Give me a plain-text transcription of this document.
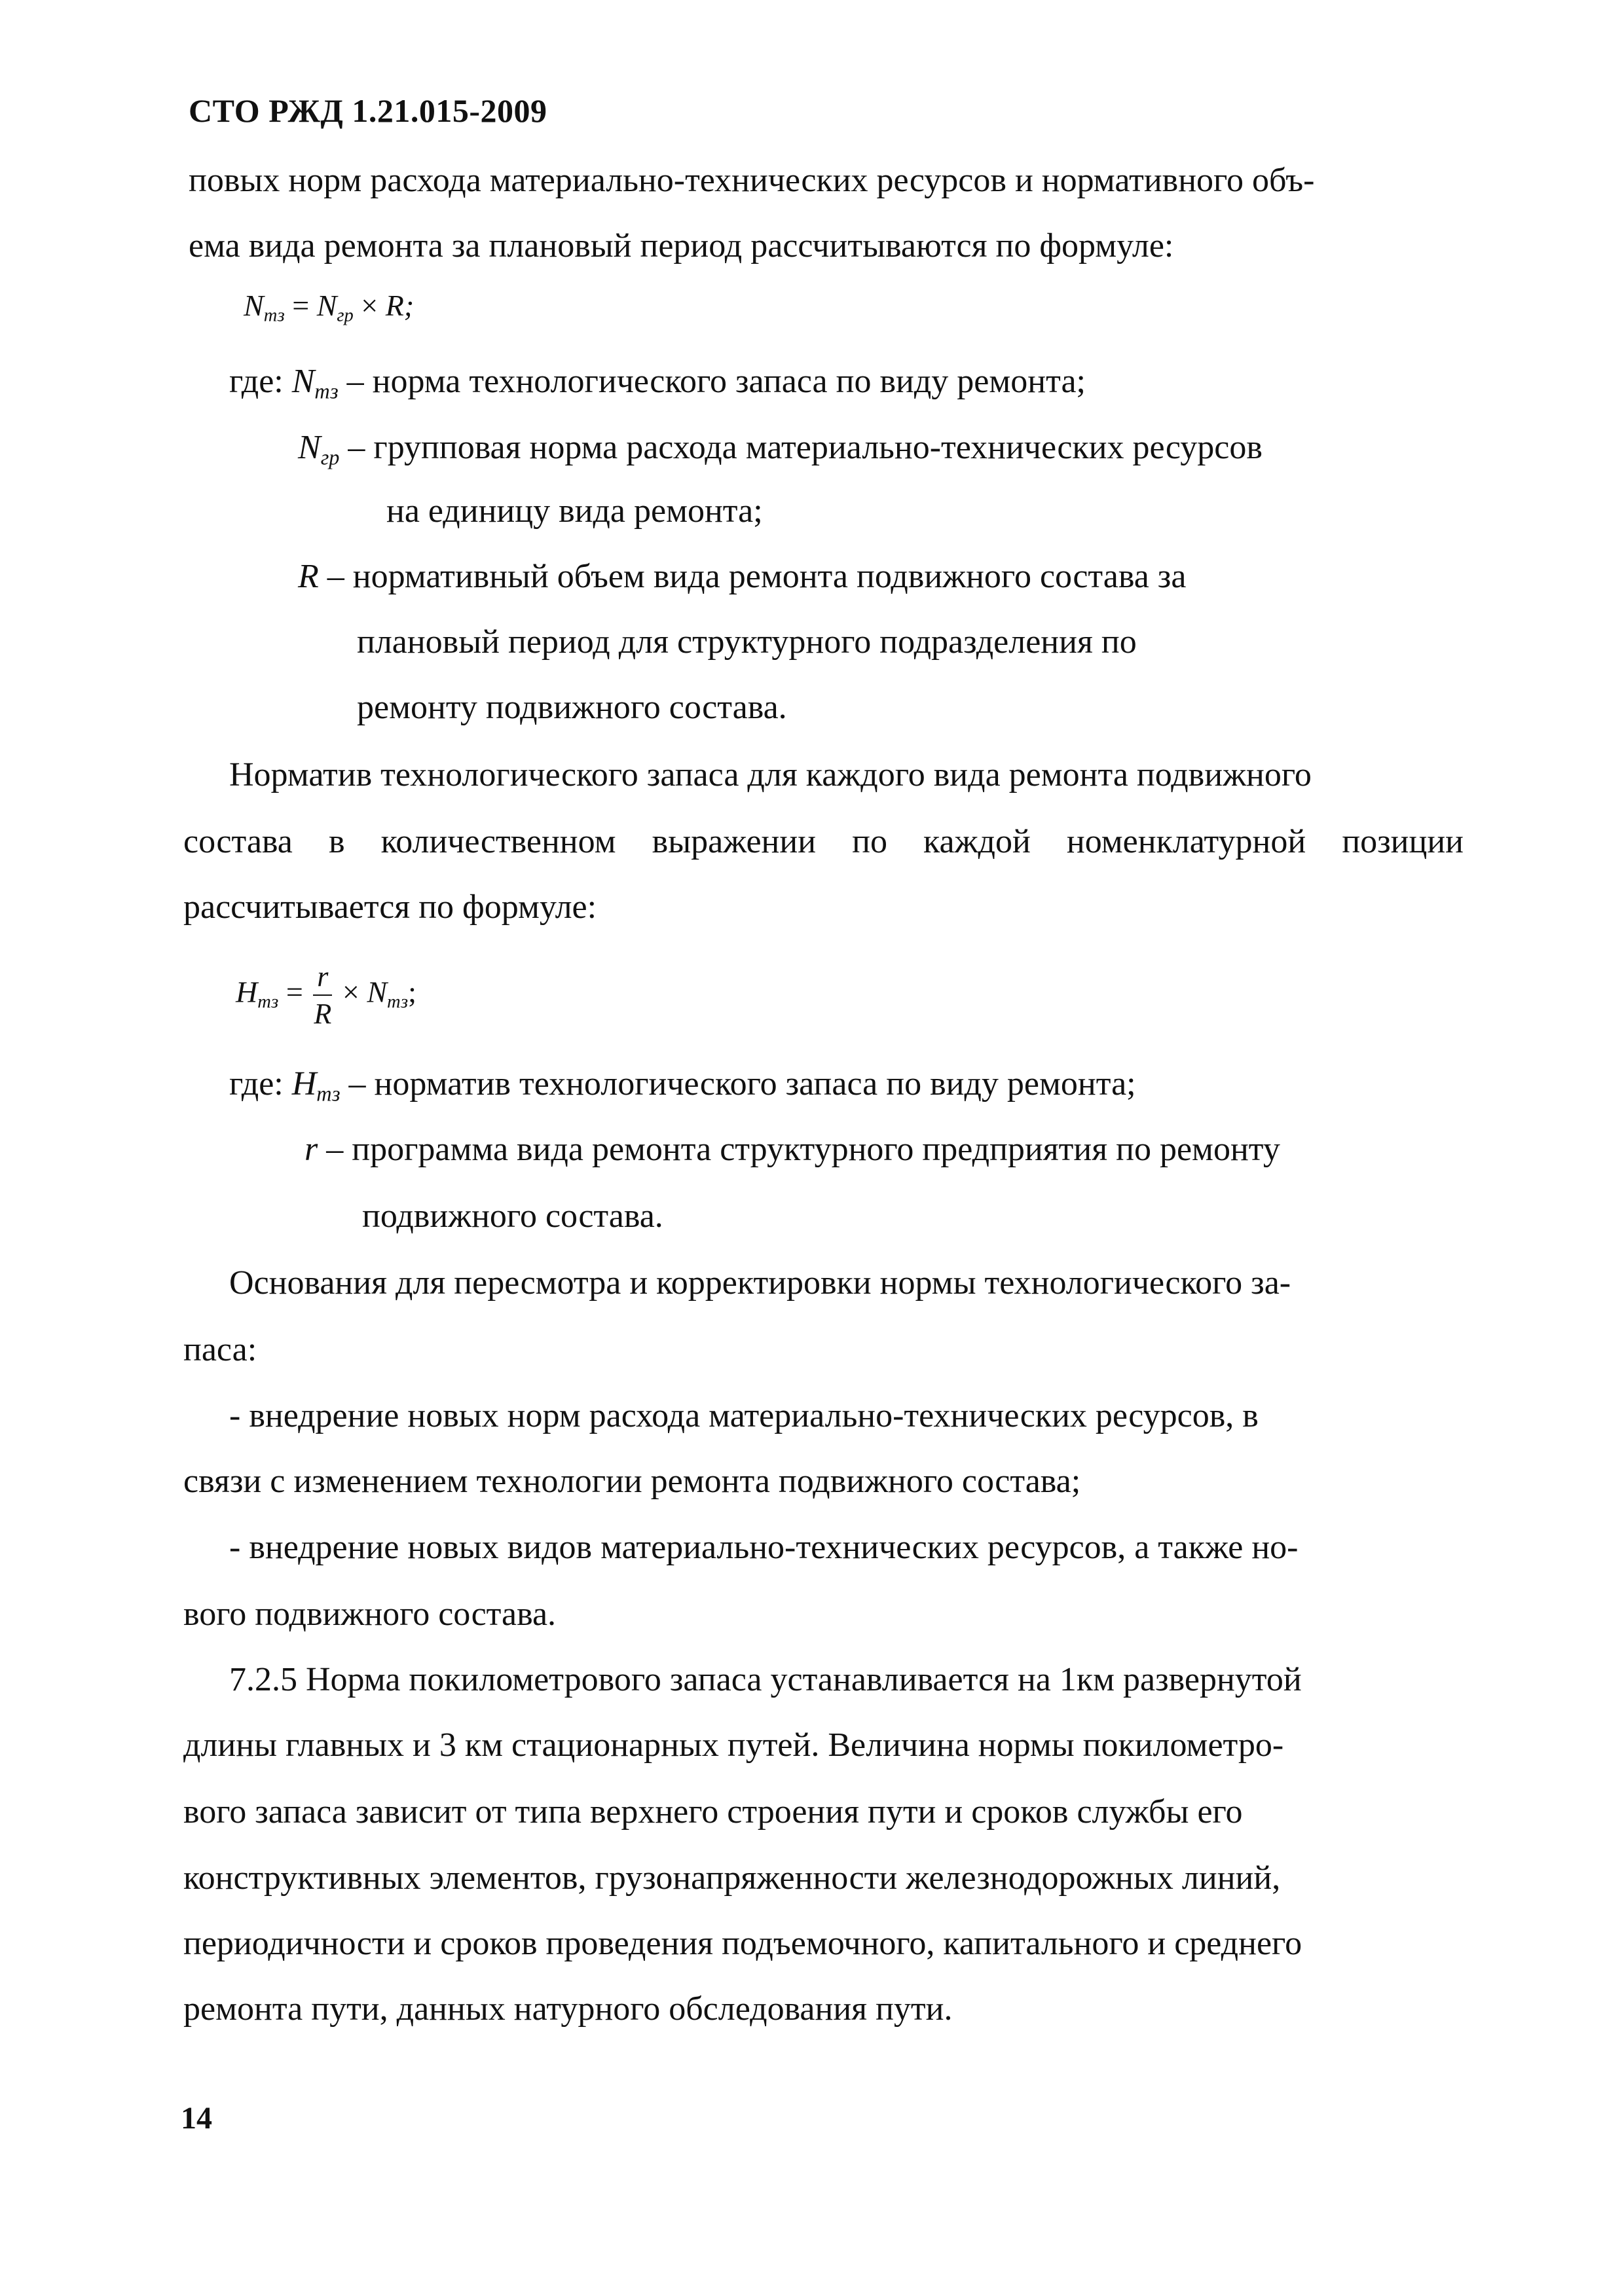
СТО РЖД 1.21.015-2009
повых норм расхода материально-технических ресурсов и нормативного объ-
ема вида ремонта за плановый период рассчитываются по формуле:
$N_{тз} = N_{гр} \times R$;
где: $N_{тз}$ – норма технологического запаса по виду ремонта;
$N_{гр}$ – групповая норма расхода материально-технических ресурсов
на единицу вида ремонта;
R – нормативный объем вида ремонта подвижного состава за
плановый период для структурного подразделения по
ремонту подвижного состава.
Норматив технологического запаса для каждого вида ремонта подвижного
состава в количественном выражении по каждой номенклатурной позиции
рассчитывается по формуле:
$H_{тз} = \frac{r}{R} \times N_{тз}$;
где: $H_{тз}$ – норматив технологического запаса по виду ремонта;
r – программа вида ремонта структурного предприятия по ремонту
подвижного состава.
Основания для пересмотра и корректировки нормы технологического за-
паса:
- внедрение новых норм расхода материально-технических ресурсов, в
связи с изменением технологии ремонта подвижного состава;
- внедрение новых видов материально-технических ресурсов, а также но-
вого подвижного состава.
7.2.5 Норма покилометрового запаса устанавливается на 1км развернутой
длины главных и 3 км стационарных путей. Величина нормы покилометро-
вого запаса зависит от типа верхнего строения пути и сроков службы его
конструктивных элементов, грузонапряженности железнодорожных линий,
периодичности и сроков проведения подъемочного, капитального и среднего
ремонта пути, данных натурного обследования пути.
14
